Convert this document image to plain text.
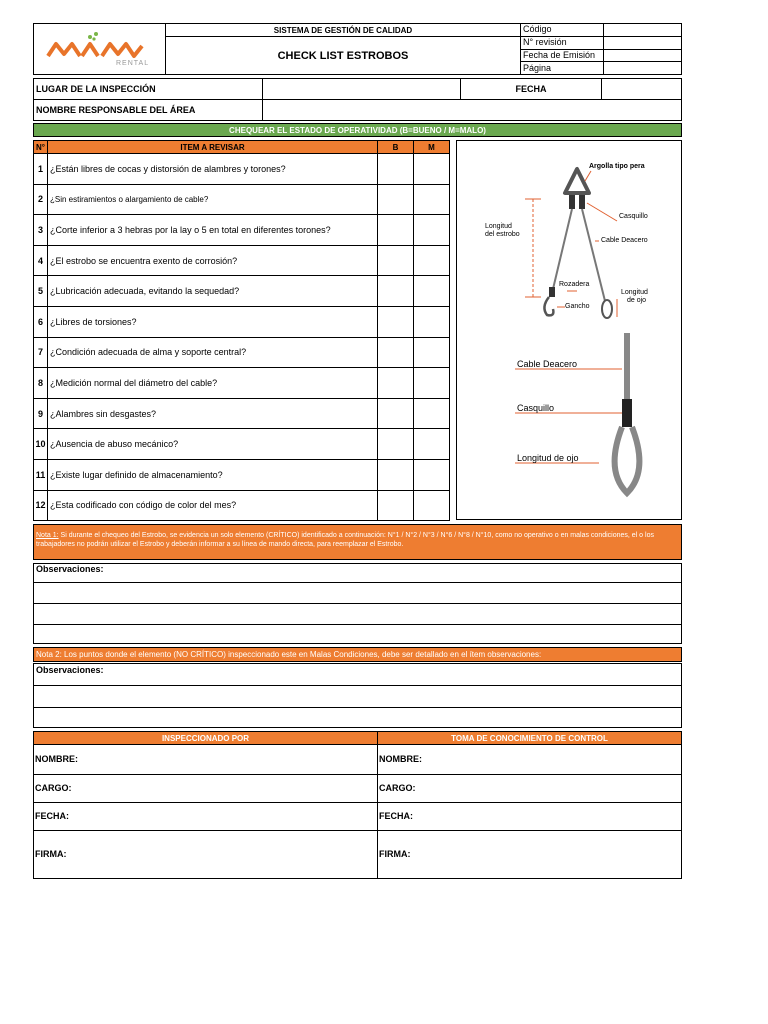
RENTAL
SISTEMA DE GESTIÓN DE CALIDAD
CHECK LIST ESTROBOS
Código	
N° revisión	
Fecha de Emisión	
Página	
LUGAR DE LA INSPECCIÓN		FECHA	
NOMBRE RESPONSABLE DEL ÁREA			
CHEQUEAR EL ESTADO DE OPERATIVIDAD (B=BUENO / M=MALO)
N°	ITEM A REVISAR	B	M
1	¿Están libres de cocas y distorsión de alambres y torones?		
2	¿Sin estiramientos o alargamiento de cable?		
3	¿Corte inferior a 3 hebras por la lay o 5 en total en diferentes torones?		
4	¿El estrobo se encuentra exento de corrosión?		
5	¿Lubricación adecuada, evitando la sequedad?		
6	¿Libres de torsiones?		
7	¿Condición adecuada de alma y soporte central?		
8	¿Medición normal del diámetro del cable?		
9	¿Alambres sin desgastes?		
10	¿Ausencia de abuso mecánico?		
11	¿Existe lugar definido de almacenamiento?		
12	¿Esta codificado con código de color del mes?		
Argolla tipo pera
Longitud
del estrobo
Casquillo
Cable Deacero
Rozadera
Gancho
Longitud
de ojo
Cable Deacero
Casquillo
Longitud de ojo
Nota 1: Si durante el chequeo del Estrobo, se evidencia un solo elemento (CRÍTICO) identificado a continuación: N°1 / N°2 / N°3 / N°6 / N°8 / N°10, como no operativo o en malas condiciones, el o los trabajadores no podrán utilizar el Estrobo y deberán informar a su línea de mando directa, para reemplazar el Estrobo.
Observaciones:
Nota 2: Los puntos donde el elemento (NO CRÍTICO) inspeccionado este en Malas Condiciones, debe ser detallado en el ítem observaciones:
Observaciones:
INSPECCIONADO POR	TOMA DE CONOCIMIENTO DE CONTROL
NOMBRE:	NOMBRE:
CARGO:	CARGO:
FECHA:	FECHA:
FIRMA:	FIRMA:
